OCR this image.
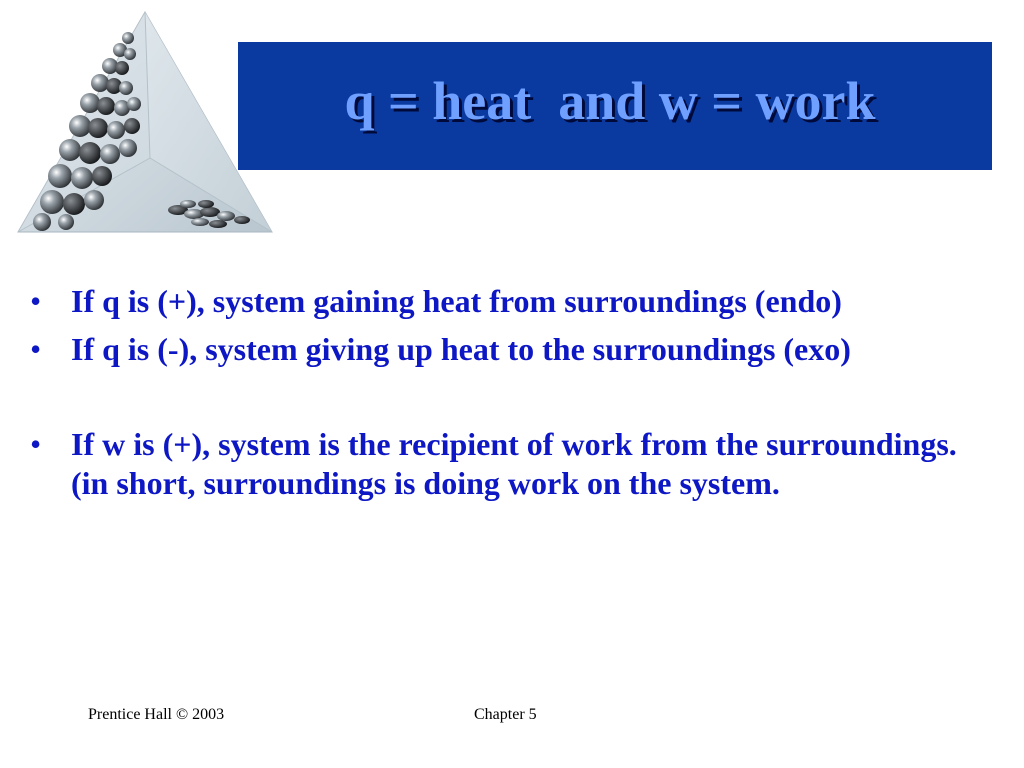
q = heat  and w = work
• If q is (+), system gaining heat from surroundings (endo)
• If q is (-), system giving up heat to the surroundings (exo)
• If w is (+), system is the recipient of work from the surroundings. (in short, surroundings is doing work on the system.
Prentice Hall © 2003	Chapter 5
